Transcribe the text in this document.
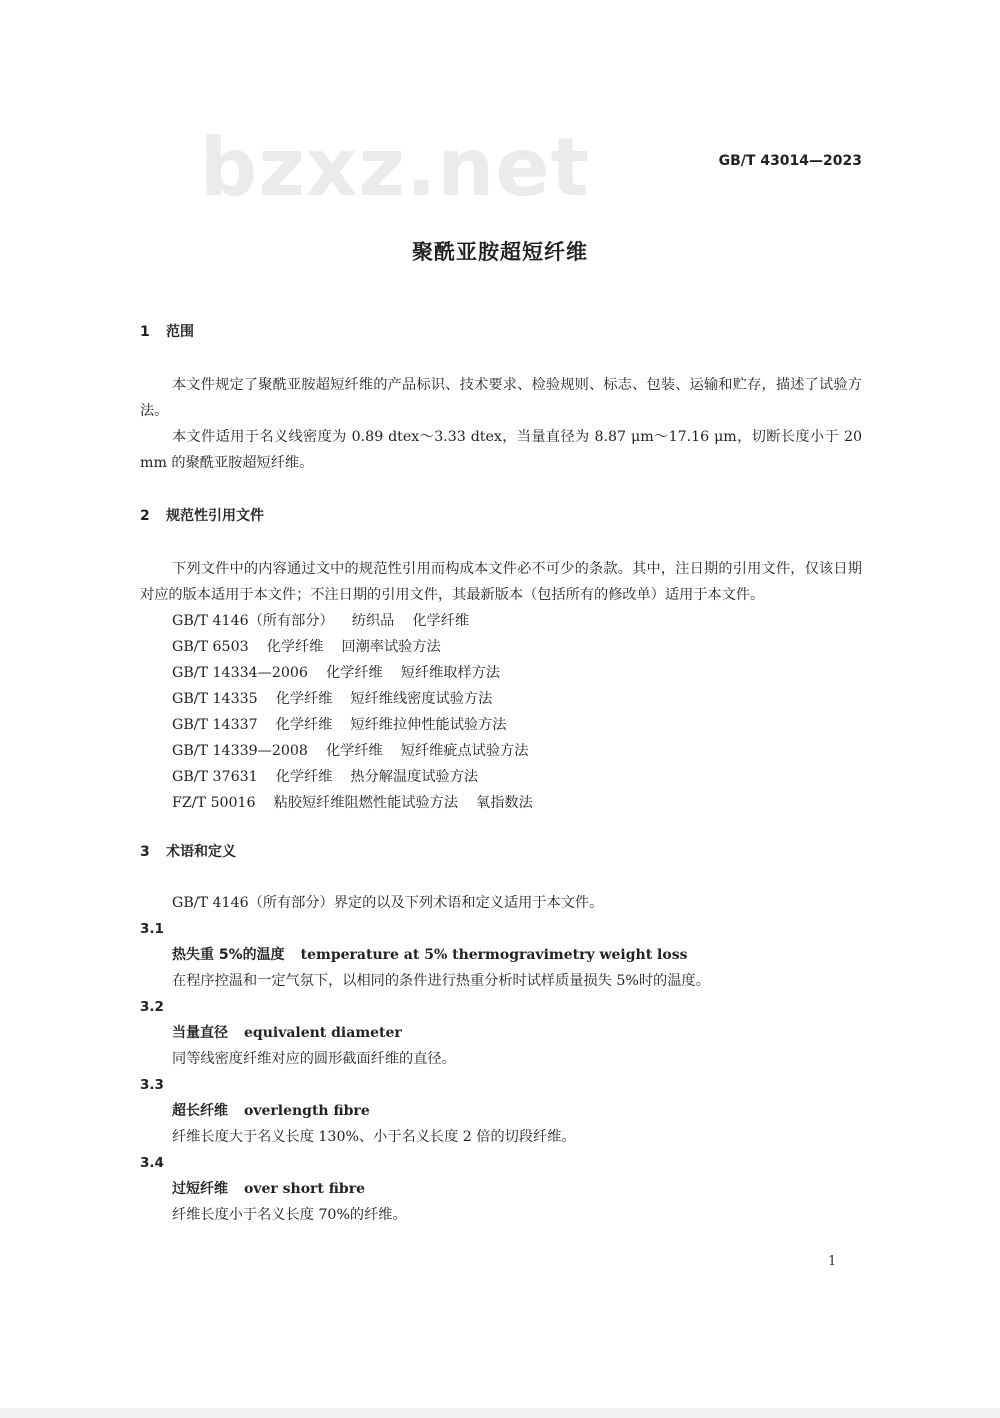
bzxz.net	GB/T 43014—2023
聚酰亚胺超短纤维
1 范围

本文件规定了聚酰亚胺超短纤维的产品标识、技术要求、检验规则、标志、包装、运输和贮存，描述了试验方法。

本文件适用于名义线密度为 0.89 dtex～3.33 dtex，当量直径为 8.87 μm～17.16 μm，切断长度小于 20 mm 的聚酰亚胺超短纤维。

2 规范性引用文件

下列文件中的内容通过文中的规范性引用而构成本文件必不可少的条款。其中，注日期的引用文件，仅该日期对应的版本适用于本文件；不注日期的引用文件，其最新版本（包括所有的修改单）适用于本文件。

GB/T 4146（所有部分） 纺织品 化学纤维
GB/T 6503 化学纤维 回潮率试验方法
GB/T 14334—2006 化学纤维 短纤维取样方法
GB/T 14335 化学纤维 短纤维线密度试验方法
GB/T 14337 化学纤维 短纤维拉伸性能试验方法
GB/T 14339—2008 化学纤维 短纤维疵点试验方法
GB/T 37631 化学纤维 热分解温度试验方法
FZ/T 50016 粘胶短纤维阻燃性能试验方法 氧指数法
3 术语和定义

GB/T 4146（所有部分）界定的以及下列术语和定义适用于本文件。

3.1
热失重 5%的温度 temperature at 5% thermogravimetry weight loss
在程序控温和一定气氛下，以相同的条件进行热重分析时试样质量损失 5%时的温度。
3.2
当量直径 equivalent diameter
同等线密度纤维对应的圆形截面纤维的直径。
3.3
超长纤维 overlength fibre
纤维长度大于名义长度 130%、小于名义长度 2 倍的切段纤维。
3.4
过短纤维 over short fibre
纤维长度小于名义长度 70%的纤维。
1
